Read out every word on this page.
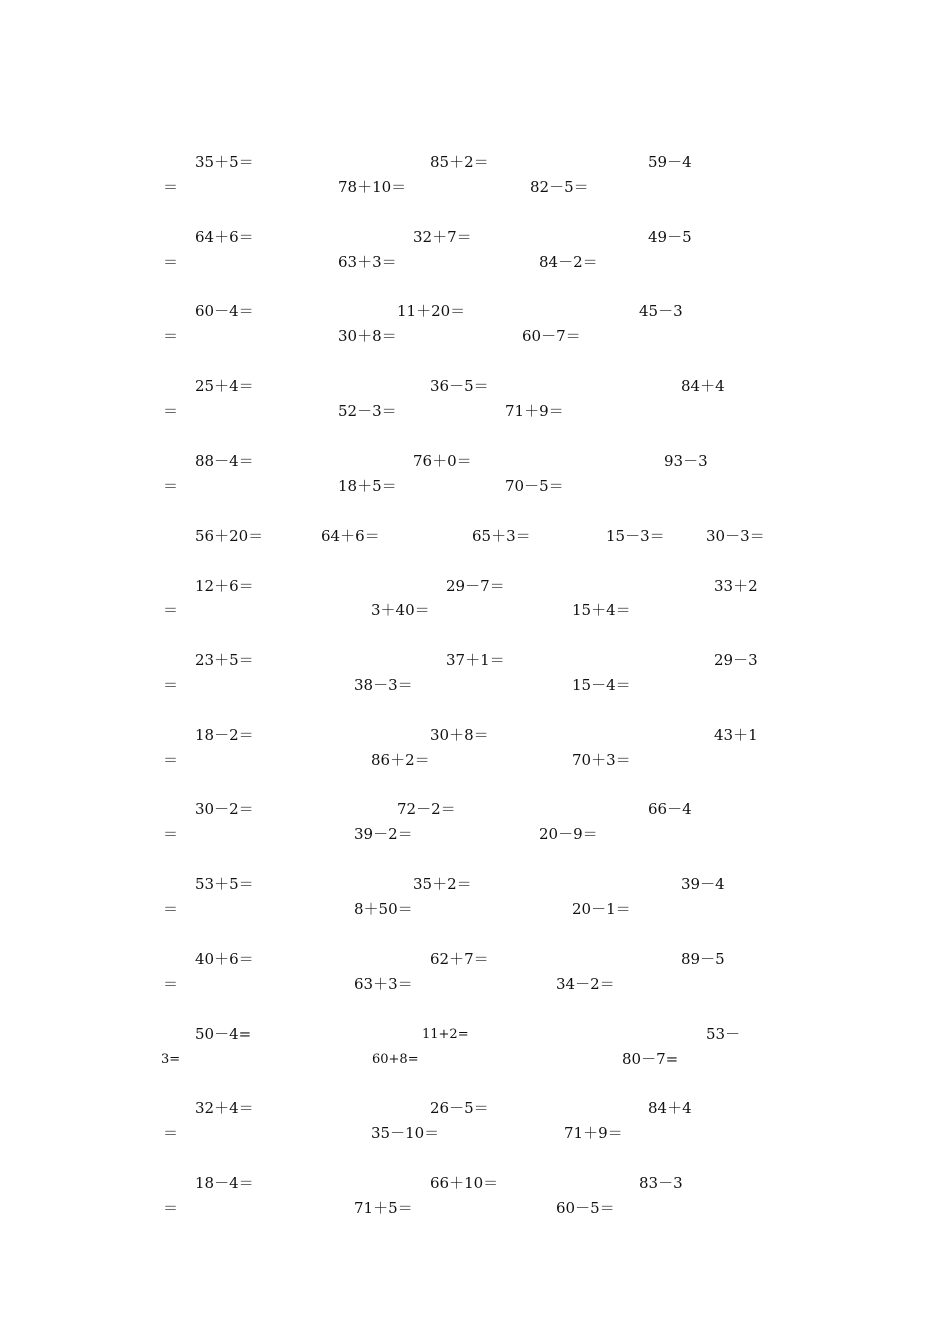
35＋5＝	85＋2＝	59－4
＝	78＋10＝	82－5＝
64＋6＝	32＋7＝	49－5
＝	63＋3＝	84－2＝
60－4＝	11＋20＝	45－3
＝	30＋8＝	60－7＝
25＋4＝	36－5＝	84＋4
＝	52－3＝	71＋9＝
88－4＝	76＋0＝	93－3
＝	18＋5＝	70－5＝
56＋20＝	64＋6＝	65＋3＝	15－3＝	30－3＝
12＋6＝	29－7＝	33＋2
＝	3＋40＝	15＋4＝
23＋5＝	37＋1＝	29－3
＝	38－3＝	15－4＝
18－2＝	30＋8＝	43＋1
＝	86＋2＝	70＋3＝
30－2＝	72－2＝	66－4
＝	39－2＝	20－9＝
53＋5＝	35＋2＝	39－4
＝	8＋50＝	20－1＝
40＋6＝	62＋7＝	89－5
＝	63＋3＝	34－2＝
50－4=	11+2=	53－
3=	60+8=	80－7=
32＋4＝	26－5＝	84＋4
＝	35－10＝	71＋9＝
18－4＝	66＋10＝	83－3
＝	71＋5＝	60－5＝
